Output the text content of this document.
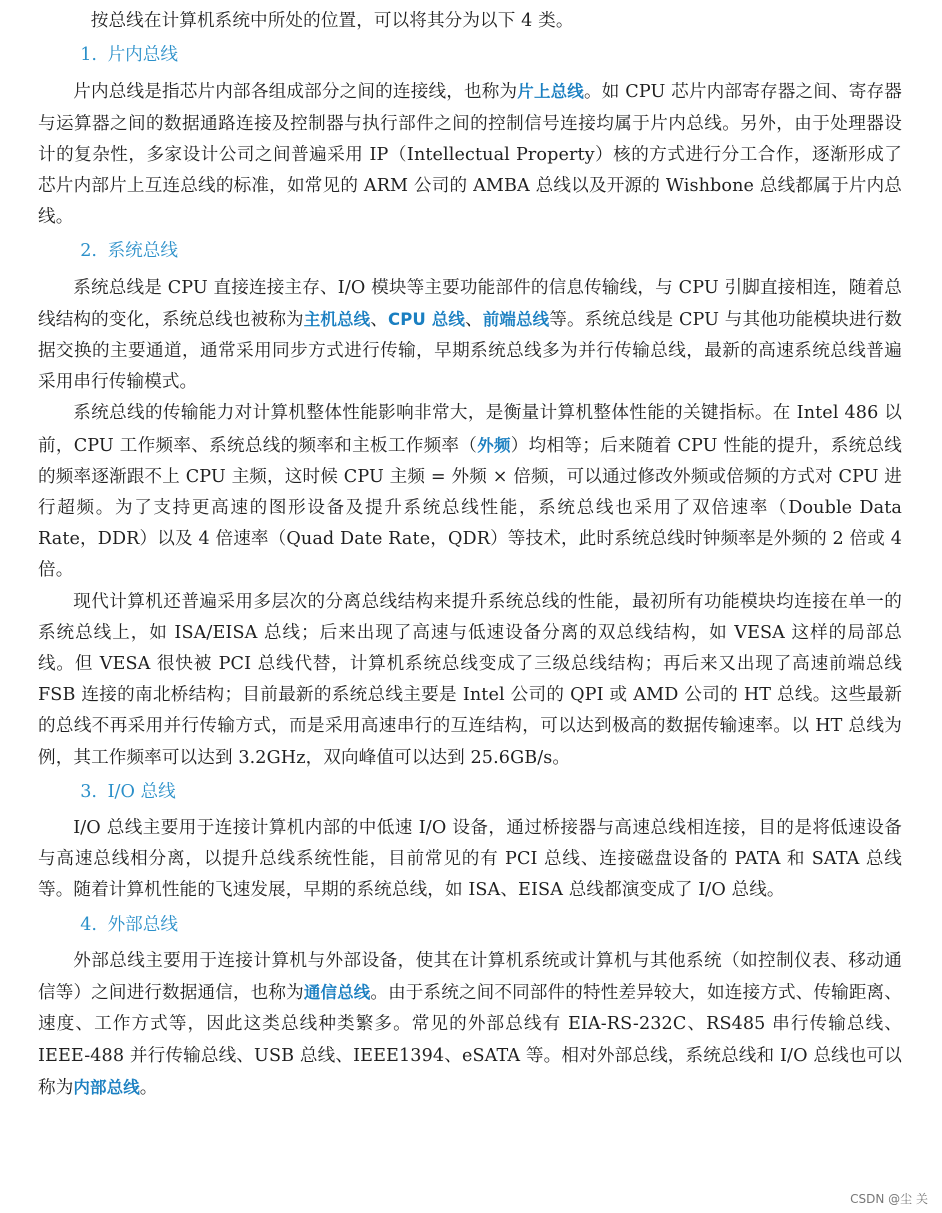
按总线在计算机系统中所处的位置，可以将其分为以下 4 类。

1. 片内总线

片内总线是指芯片内部各组成部分之间的连接线，也称为片上总线。如 CPU 芯片内部寄存器之间、寄存器与运算器之间的数据通路连接及控制器与执行部件之间的控制信号连接均属于片内总线。另外，由于处理器设计的复杂性，多家设计公司之间普遍采用 IP（Intellectual Property）核的方式进行分工合作，逐渐形成了芯片内部片上互连总线的标准，如常见的 ARM 公司的 AMBA 总线以及开源的 Wishbone 总线都属于片内总线。

2. 系统总线

系统总线是 CPU 直接连接主存、I/O 模块等主要功能部件的信息传输线，与 CPU 引脚直接相连，随着总线结构的变化，系统总线也被称为主机总线、CPU 总线、前端总线等。系统总线是 CPU 与其他功能模块进行数据交换的主要通道，通常采用同步方式进行传输，早期系统总线多为并行传输总线，最新的高速系统总线普遍采用串行传输模式。

系统总线的传输能力对计算机整体性能影响非常大，是衡量计算机整体性能的关键指标。在 Intel 486 以前，CPU 工作频率、系统总线的频率和主板工作频率（外频）均相等；后来随着 CPU 性能的提升，系统总线的频率逐渐跟不上 CPU 主频，这时候 CPU 主频 = 外频 × 倍频，可以通过修改外频或倍频的方式对 CPU 进行超频。为了支持更高速的图形设备及提升系统总线性能，系统总线也采用了双倍速率（Double Data Rate，DDR）以及 4 倍速率（Quad Date Rate，QDR）等技术，此时系统总线时钟频率是外频的 2 倍或 4 倍。

现代计算机还普遍采用多层次的分离总线结构来提升系统总线的性能，最初所有功能模块均连接在单一的系统总线上，如 ISA/EISA 总线；后来出现了高速与低速设备分离的双总线结构，如 VESA 这样的局部总线。但 VESA 很快被 PCI 总线代替，计算机系统总线变成了三级总线结构；再后来又出现了高速前端总线 FSB 连接的南北桥结构；目前最新的系统总线主要是 Intel 公司的 QPI 或 AMD 公司的 HT 总线。这些最新的总线不再采用并行传输方式，而是采用高速串行的互连结构，可以达到极高的数据传输速率。以 HT 总线为例，其工作频率可以达到 3.2GHz，双向峰值可以达到 25.6GB/s。

3. I/O 总线

I/O 总线主要用于连接计算机内部的中低速 I/O 设备，通过桥接器与高速总线相连接，目的是将低速设备与高速总线相分离，以提升总线系统性能，目前常见的有 PCI 总线、连接磁盘设备的 PATA 和 SATA 总线等。随着计算机性能的飞速发展，早期的系统总线，如 ISA、EISA 总线都演变成了 I/O 总线。

4. 外部总线

外部总线主要用于连接计算机与外部设备，使其在计算机系统或计算机与其他系统（如控制仪表、移动通信等）之间进行数据通信，也称为通信总线。由于系统之间不同部件的特性差异较大，如连接方式、传输距离、速度、工作方式等，因此这类总线种类繁多。常见的外部总线有 EIA-RS-232C、RS485 串行传输总线、IEEE-488 并行传输总线、USB 总线、IEEE1394、eSATA 等。相对外部总线，系统总线和 I/O 总线也可以称为内部总线。

CSDN @尘 关
